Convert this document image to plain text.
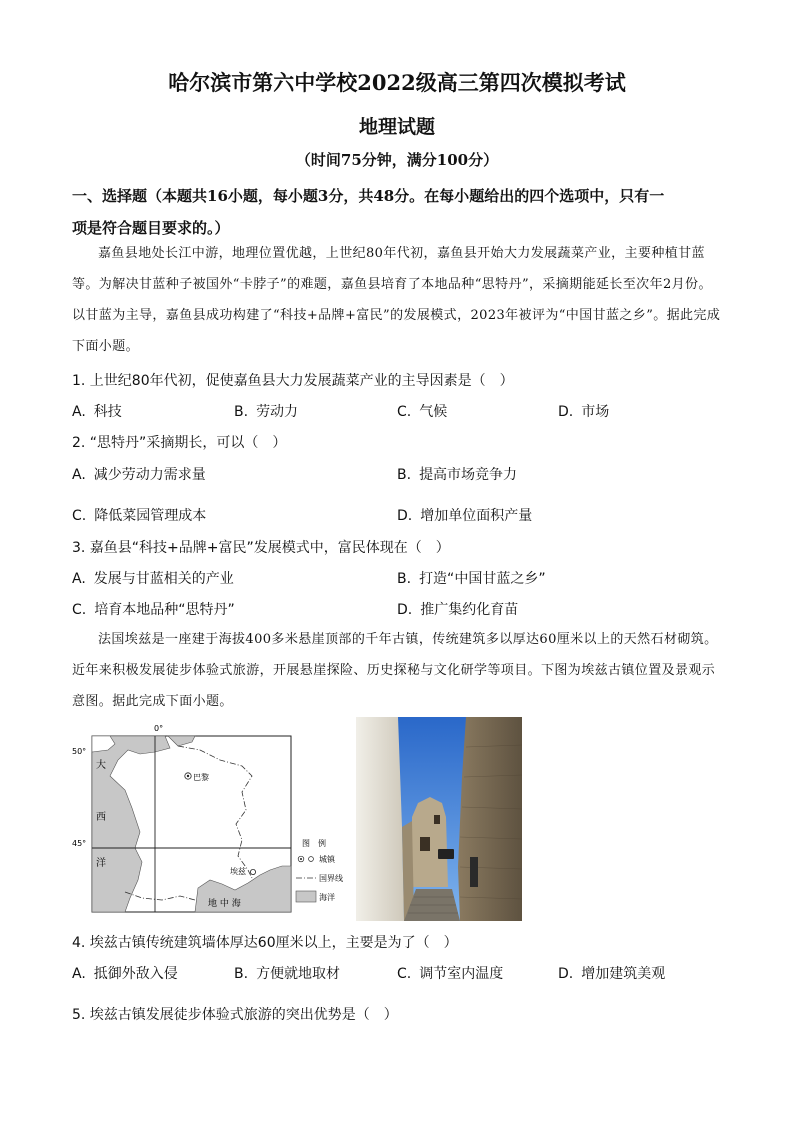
哈尔滨市第六中学校2022级高三第四次模拟考试
地理试题
（时间75分钟，满分100分）
一、选择题（本题共16小题，每小题3分，共48分。在每小题给出的四个选项中，只有一
项是符合题目要求的。）
嘉鱼县地处长江中游，地理位置优越，上世纪80年代初，嘉鱼县开始大力发展蔬菜产业，主要种植甘蓝等。为解决甘蓝种子被国外“卡脖子”的难题，嘉鱼县培育了本地品种“思特丹”，采摘期能延长至次年2月份。以甘蓝为主导，嘉鱼县成功构建了“科技+品牌+富民”的发展模式，2023年被评为“中国甘蓝之乡”。据此完成下面小题。
1. 上世纪80年代初，促使嘉鱼县大力发展蔬菜产业的主导因素是（　）
A. 科技	B. 劳动力	C. 气候	D. 市场
2. “思特丹”采摘期长，可以（　）
A. 减少劳动力需求量	B. 提高市场竞争力
C. 降低菜园管理成本	D. 增加单位面积产量
3. 嘉鱼县“科技+品牌+富民”发展模式中，富民体现在（　）
A. 发展与甘蓝相关的产业	B. 打造“中国甘蓝之乡”
C. 培育本地品种“思特丹”	D. 推广集约化育苗
法国埃兹是一座建于海拔400多米悬崖顶部的千年古镇，传统建筑多以厚达60厘米以上的天然石材砌筑。近年来积极发展徒步体验式旅游，开展悬崖探险、历史探秘与文化研学等项目。下图为埃兹古镇位置及景观示意图。据此完成下面小题。
0°
50°
45°
大
西
洋
巴黎
埃兹
地 中 海
图　例
城镇
国界线
海洋
4. 埃兹古镇传统建筑墙体厚达60厘米以上，主要是为了（　）
A. 抵御外敌入侵	B. 方便就地取材	C. 调节室内温度	D. 增加建筑美观
5. 埃兹古镇发展徒步体验式旅游的突出优势是（　）
